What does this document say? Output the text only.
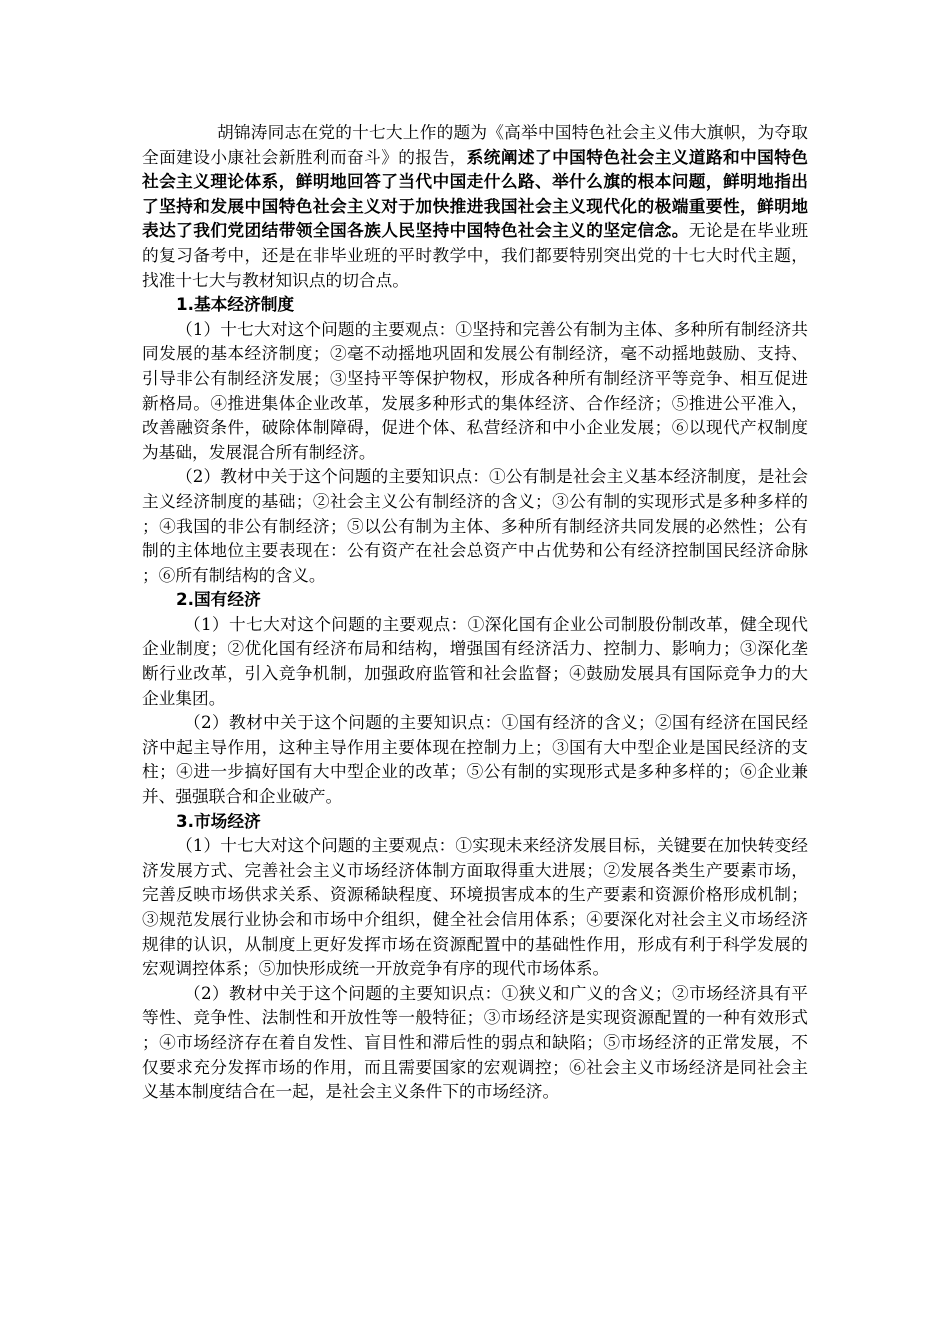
胡锦涛同志在党的十七大上作的题为《高举中国特色社会主义伟大旗帜，为夺取全面建设小康社会新胜利而奋斗》的报告，系统阐述了中国特色社会主义道路和中国特色社会主义理论体系，鲜明地回答了当代中国走什么路、举什么旗的根本问题，鲜明地指出了坚持和发展中国特色社会主义对于加快推进我国社会主义现代化的极端重要性，鲜明地表达了我们党团结带领全国各族人民坚持中国特色社会主义的坚定信念。无论是在毕业班的复习备考中，还是在非毕业班的平时教学中，我们都要特别突出党的十七大时代主题，找准十七大与教材知识点的切合点。

1.基本经济制度

（1）十七大对这个问题的主要观点：①坚持和完善公有制为主体、多种所有制经济共同发展的基本经济制度；②毫不动摇地巩固和发展公有制经济，毫不动摇地鼓励、支持、引导非公有制经济发展；③坚持平等保护物权，形成各种所有制经济平等竞争、相互促进新格局。④推进集体企业改革，发展多种形式的集体经济、合作经济；⑤推进公平准入，改善融资条件，破除体制障碍，促进个体、私营经济和中小企业发展；⑥以现代产权制度为基础，发展混合所有制经济。

（2）教材中关于这个问题的主要知识点：①公有制是社会主义基本经济制度，是社会主义经济制度的基础；②社会主义公有制经济的含义；③公有制的实现形式是多种多样的；④我国的非公有制经济；⑤以公有制为主体、多种所有制经济共同发展的必然性；公有制的主体地位主要表现在：公有资产在社会总资产中占优势和公有经济控制国民经济命脉；⑥所有制结构的含义。

2.国有经济

（1）十七大对这个问题的主要观点：①深化国有企业公司制股份制改革，健全现代企业制度；②优化国有经济布局和结构，增强国有经济活力、控制力、影响力；③深化垄断行业改革，引入竞争机制，加强政府监管和社会监督；④鼓励发展具有国际竞争力的大企业集团。

（2）教材中关于这个问题的主要知识点：①国有经济的含义；②国有经济在国民经济中起主导作用，这种主导作用主要体现在控制力上；③国有大中型企业是国民经济的支柱；④进一步搞好国有大中型企业的改革；⑤公有制的实现形式是多种多样的；⑥企业兼并、强强联合和企业破产。

3.市场经济

（1）十七大对这个问题的主要观点：①实现未来经济发展目标，关键要在加快转变经济发展方式、完善社会主义市场经济体制方面取得重大进展；②发展各类生产要素市场，完善反映市场供求关系、资源稀缺程度、环境损害成本的生产要素和资源价格形成机制；③规范发展行业协会和市场中介组织，健全社会信用体系；④要深化对社会主义市场经济规律的认识，从制度上更好发挥市场在资源配置中的基础性作用，形成有利于科学发展的宏观调控体系；⑤加快形成统一开放竞争有序的现代市场体系。

（2）教材中关于这个问题的主要知识点：①狭义和广义的含义；②市场经济具有平等性、竞争性、法制性和开放性等一般特征；③市场经济是实现资源配置的一种有效形式；④市场经济存在着自发性、盲目性和滞后性的弱点和缺陷；⑤市场经济的正常发展，不仅要求充分发挥市场的作用，而且需要国家的宏观调控；⑥社会主义市场经济是同社会主义基本制度结合在一起，是社会主义条件下的市场经济。
